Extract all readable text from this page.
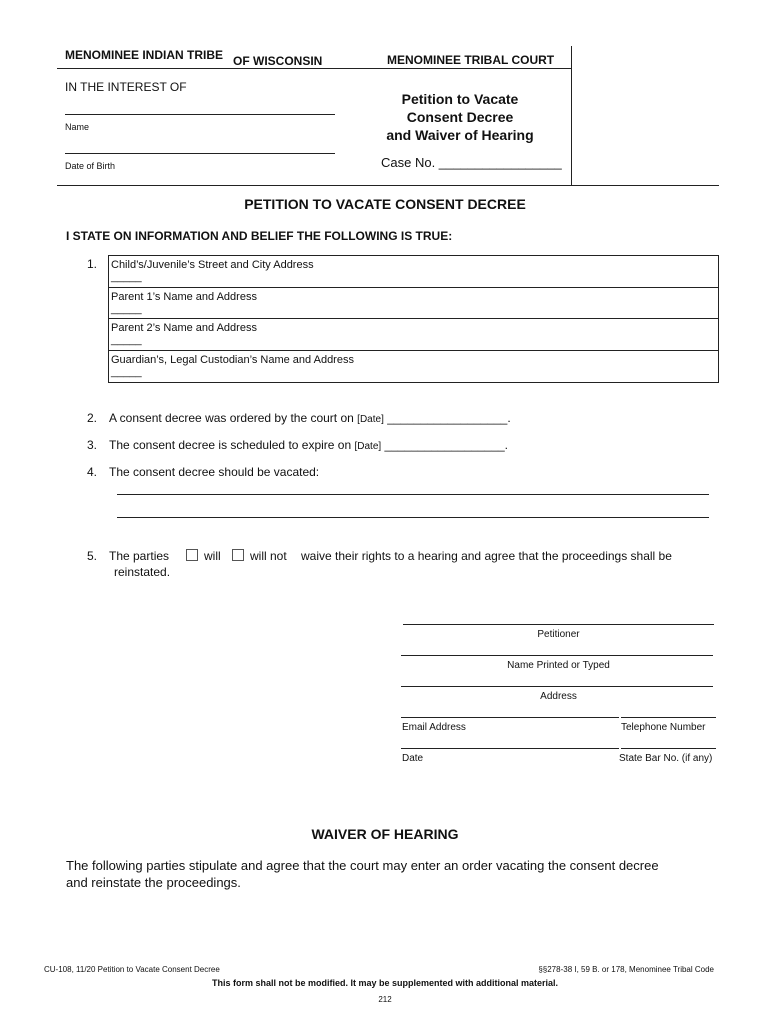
MENOMINEE INDIAN TRIBE OF WISCONSIN	MENOMINEE TRIBAL COURT
IN THE INTEREST OF
Name
Date of Birth
Petition to Vacate
Consent Decree
and Waiver of Hearing
Case No. _________________
PETITION TO VACATE CONSENT DECREE
I STATE ON INFORMATION AND BELIEF THE FOLLOWING IS TRUE:
1. Child’s/Juvenile’s Street and City Address
_____
Parent 1’s Name and Address
_____
Parent 2’s Name and Address
_____
Guardian’s, Legal Custodian’s Name and Address
_____
2. A consent decree was ordered by the court on [Date] __________________.
3. The consent decree is scheduled to expire on [Date] __________________.
4. The consent decree should be vacated:
5. The parties	will will not waive their rights to a hearing and agree that the proceedings shall be
reinstated.
Petitioner
Name Printed or Typed
Address
Email Address	Telephone Number
Date	State Bar No. (if any)
WAIVER OF HEARING
The following parties stipulate and agree that the court may enter an order vacating the consent decree
and reinstate the proceedings.
CU-108, 11/20 Petition to Vacate Consent Decree	§§278-38 I, 59 B. or 178, Menominee Tribal Code
This form shall not be modified. It may be supplemented with additional material.
212
